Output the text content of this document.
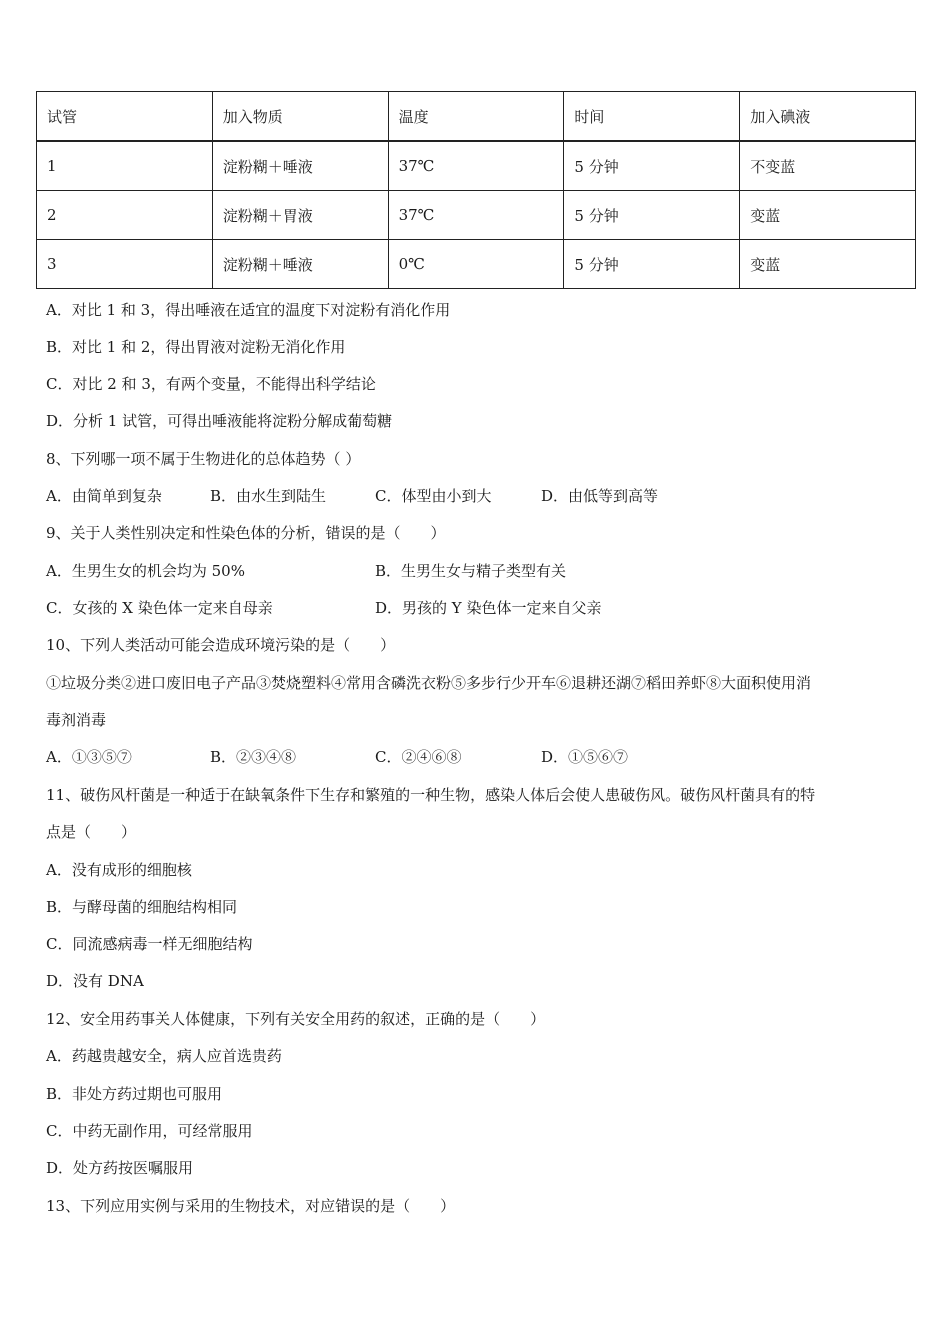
试管	加入物质	温度	时间	加入碘液
1	淀粉糊＋唾液	37℃	5 分钟	不变蓝
2	淀粉糊＋胃液	37℃	5 分钟	变蓝
3	淀粉糊＋唾液	0℃	5 分钟	变蓝
A．对比 1 和 3，得出唾液在适宜的温度下对淀粉有消化作用
B．对比 1 和 2，得出胃液对淀粉无消化作用
C．对比 2 和 3，有两个变量，不能得出科学结论
D．分析 1 试管，可得出唾液能将淀粉分解成葡萄糖
8、下列哪一项不属于生物进化的总体趋势（ ）
A．由简单到复杂	B．由水生到陆生	C．体型由小到大	D．由低等到高等
9、关于人类性别决定和性染色体的分析，错误的是（　　）
A．生男生女的机会均为 50%	B．生男生女与精子类型有关
C．女孩的 X 染色体一定来自母亲	D．男孩的 Y 染色体一定来自父亲
10、下列人类活动可能会造成环境污染的是（　　）
①垃圾分类②进口废旧电子产品③焚烧塑料④常用含磷洗衣粉⑤多步行少开车⑥退耕还湖⑦稻田养虾⑧大面积使用消
毒剂消毒
A．①③⑤⑦	B．②③④⑧	C．②④⑥⑧	D．①⑤⑥⑦
11、破伤风杆菌是一种适于在缺氧条件下生存和繁殖的一种生物，感染人体后会使人患破伤风。破伤风杆菌具有的特
点是（　　）
A．没有成形的细胞核
B．与酵母菌的细胞结构相同
C．同流感病毒一样无细胞结构
D．没有 DNA
12、安全用药事关人体健康，下列有关安全用药的叙述，正确的是（　　）
A．药越贵越安全，病人应首选贵药
B．非处方药过期也可服用
C．中药无副作用，可经常服用
D．处方药按医嘱服用
13、下列应用实例与采用的生物技术，对应错误的是（　　）
